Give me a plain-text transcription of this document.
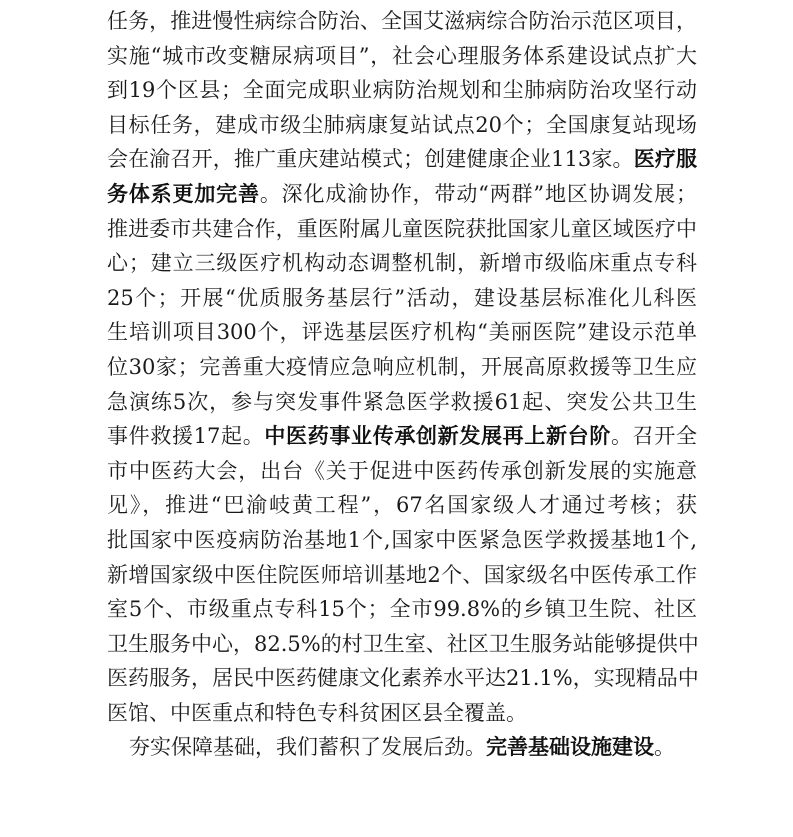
任务，推进慢性病综合防治、全国艾滋病综合防治示范区项目，
实施“城市改变糖尿病项目”，社会心理服务体系建设试点扩大
到19个区县；全面完成职业病防治规划和尘肺病防治攻坚行动
目标任务，建成市级尘肺病康复站试点20个；全国康复站现场
会在渝召开，推广重庆建站模式；创建健康企业113家。医疗服
务体系更加完善。深化成渝协作，带动“两群”地区协调发展；
推进委市共建合作，重医附属儿童医院获批国家儿童区域医疗中
心；建立三级医疗机构动态调整机制，新增市级临床重点专科
25个；开展“优质服务基层行”活动，建设基层标准化儿科医
生培训项目300个，评选基层医疗机构“美丽医院”建设示范单
位30家；完善重大疫情应急响应机制，开展高原救援等卫生应
急演练5次，参与突发事件紧急医学救援61起、突发公共卫生
事件救援17起。中医药事业传承创新发展再上新台阶。召开全
市中医药大会，出台《关于促进中医药传承创新发展的实施意
见》，推进“巴渝岐黄工程”，67名国家级人才通过考核；获
批国家中医疫病防治基地1个,国家中医紧急医学救援基地1个,
新增国家级中医住院医师培训基地2个、国家级名中医传承工作
室5个、市级重点专科15个；全市99.8%的乡镇卫生院、社区
卫生服务中心，82.5%的村卫生室、社区卫生服务站能够提供中
医药服务，居民中医药健康文化素养水平达21.1%，实现精品中
医馆、中医重点和特色专科贫困区县全覆盖。
　　夯实保障基础，我们蓄积了发展后劲。完善基础设施建设。
